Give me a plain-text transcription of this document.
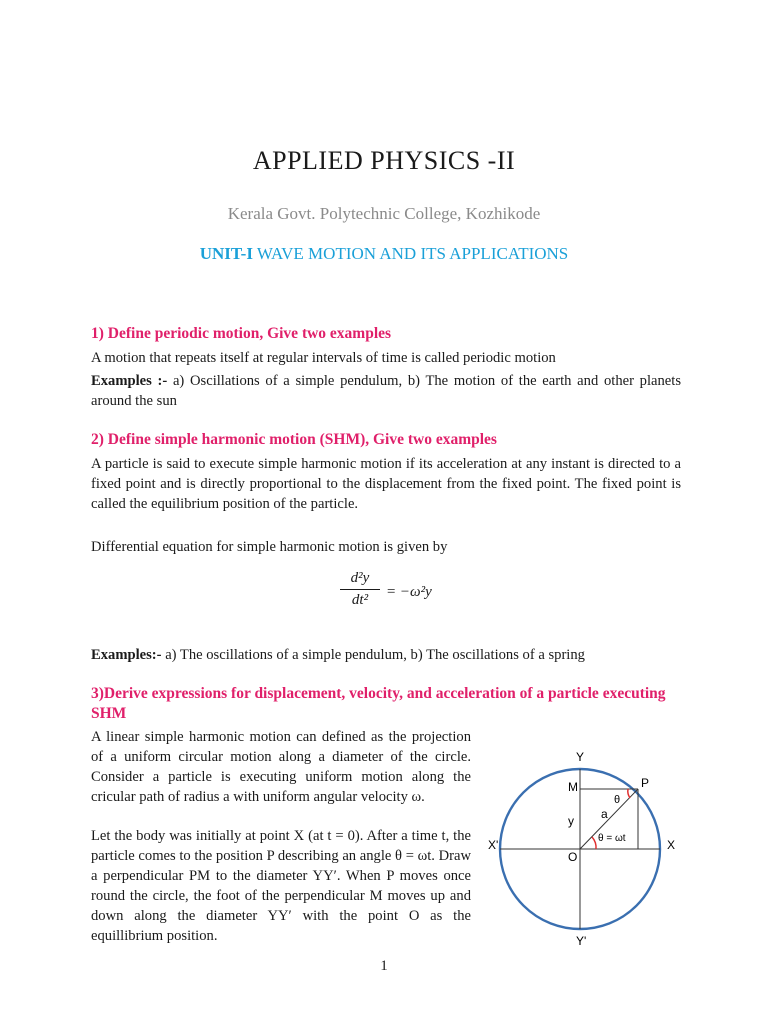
APPLIED PHYSICS -II
Kerala Govt. Polytechnic College, Kozhikode
UNIT-I WAVE MOTION AND ITS APPLICATIONS
1) Define periodic motion, Give two examples
A motion that repeats itself at regular intervals of time is called periodic motion
Examples :- a) Oscillations of a simple pendulum, b) The motion of the earth and other planets around the sun
2) Define simple harmonic motion (SHM), Give two examples
A particle is said to execute simple harmonic motion if its acceleration at any instant is directed to a fixed point and is directly proportional to the displacement from the fixed point. The fixed point is called the equilibrium position of the particle.
Differential equation for simple harmonic motion is given by
$\frac{\text{d²y}}{\text{dt²}} = -\omega^2y$
Examples:- a) The oscillations of a simple pendulum, b) The oscillations of a spring
3)Derive expressions for displacement, velocity, and acceleration of a particle executing SHM
A linear simple harmonic motion can defined as the projection of a uniform circular motion along a diameter of the circle. Consider a particle is executing uniform motion along the cricular path of radius a with uniform angular velocity ω.
Let the body was initially at point X (at t = 0). After a time t, the particle comes to the position P describing an angle θ = ωt. Draw a perpendicular PM to the diameter YY′. When P moves once round the circle, the foot of the perpendicular M moves up and down along the diameter YY′ with the point O as the equillibrium position.
Y
Y'
X
X'
O
M	P
a
y
θ
θ = ωt
1
